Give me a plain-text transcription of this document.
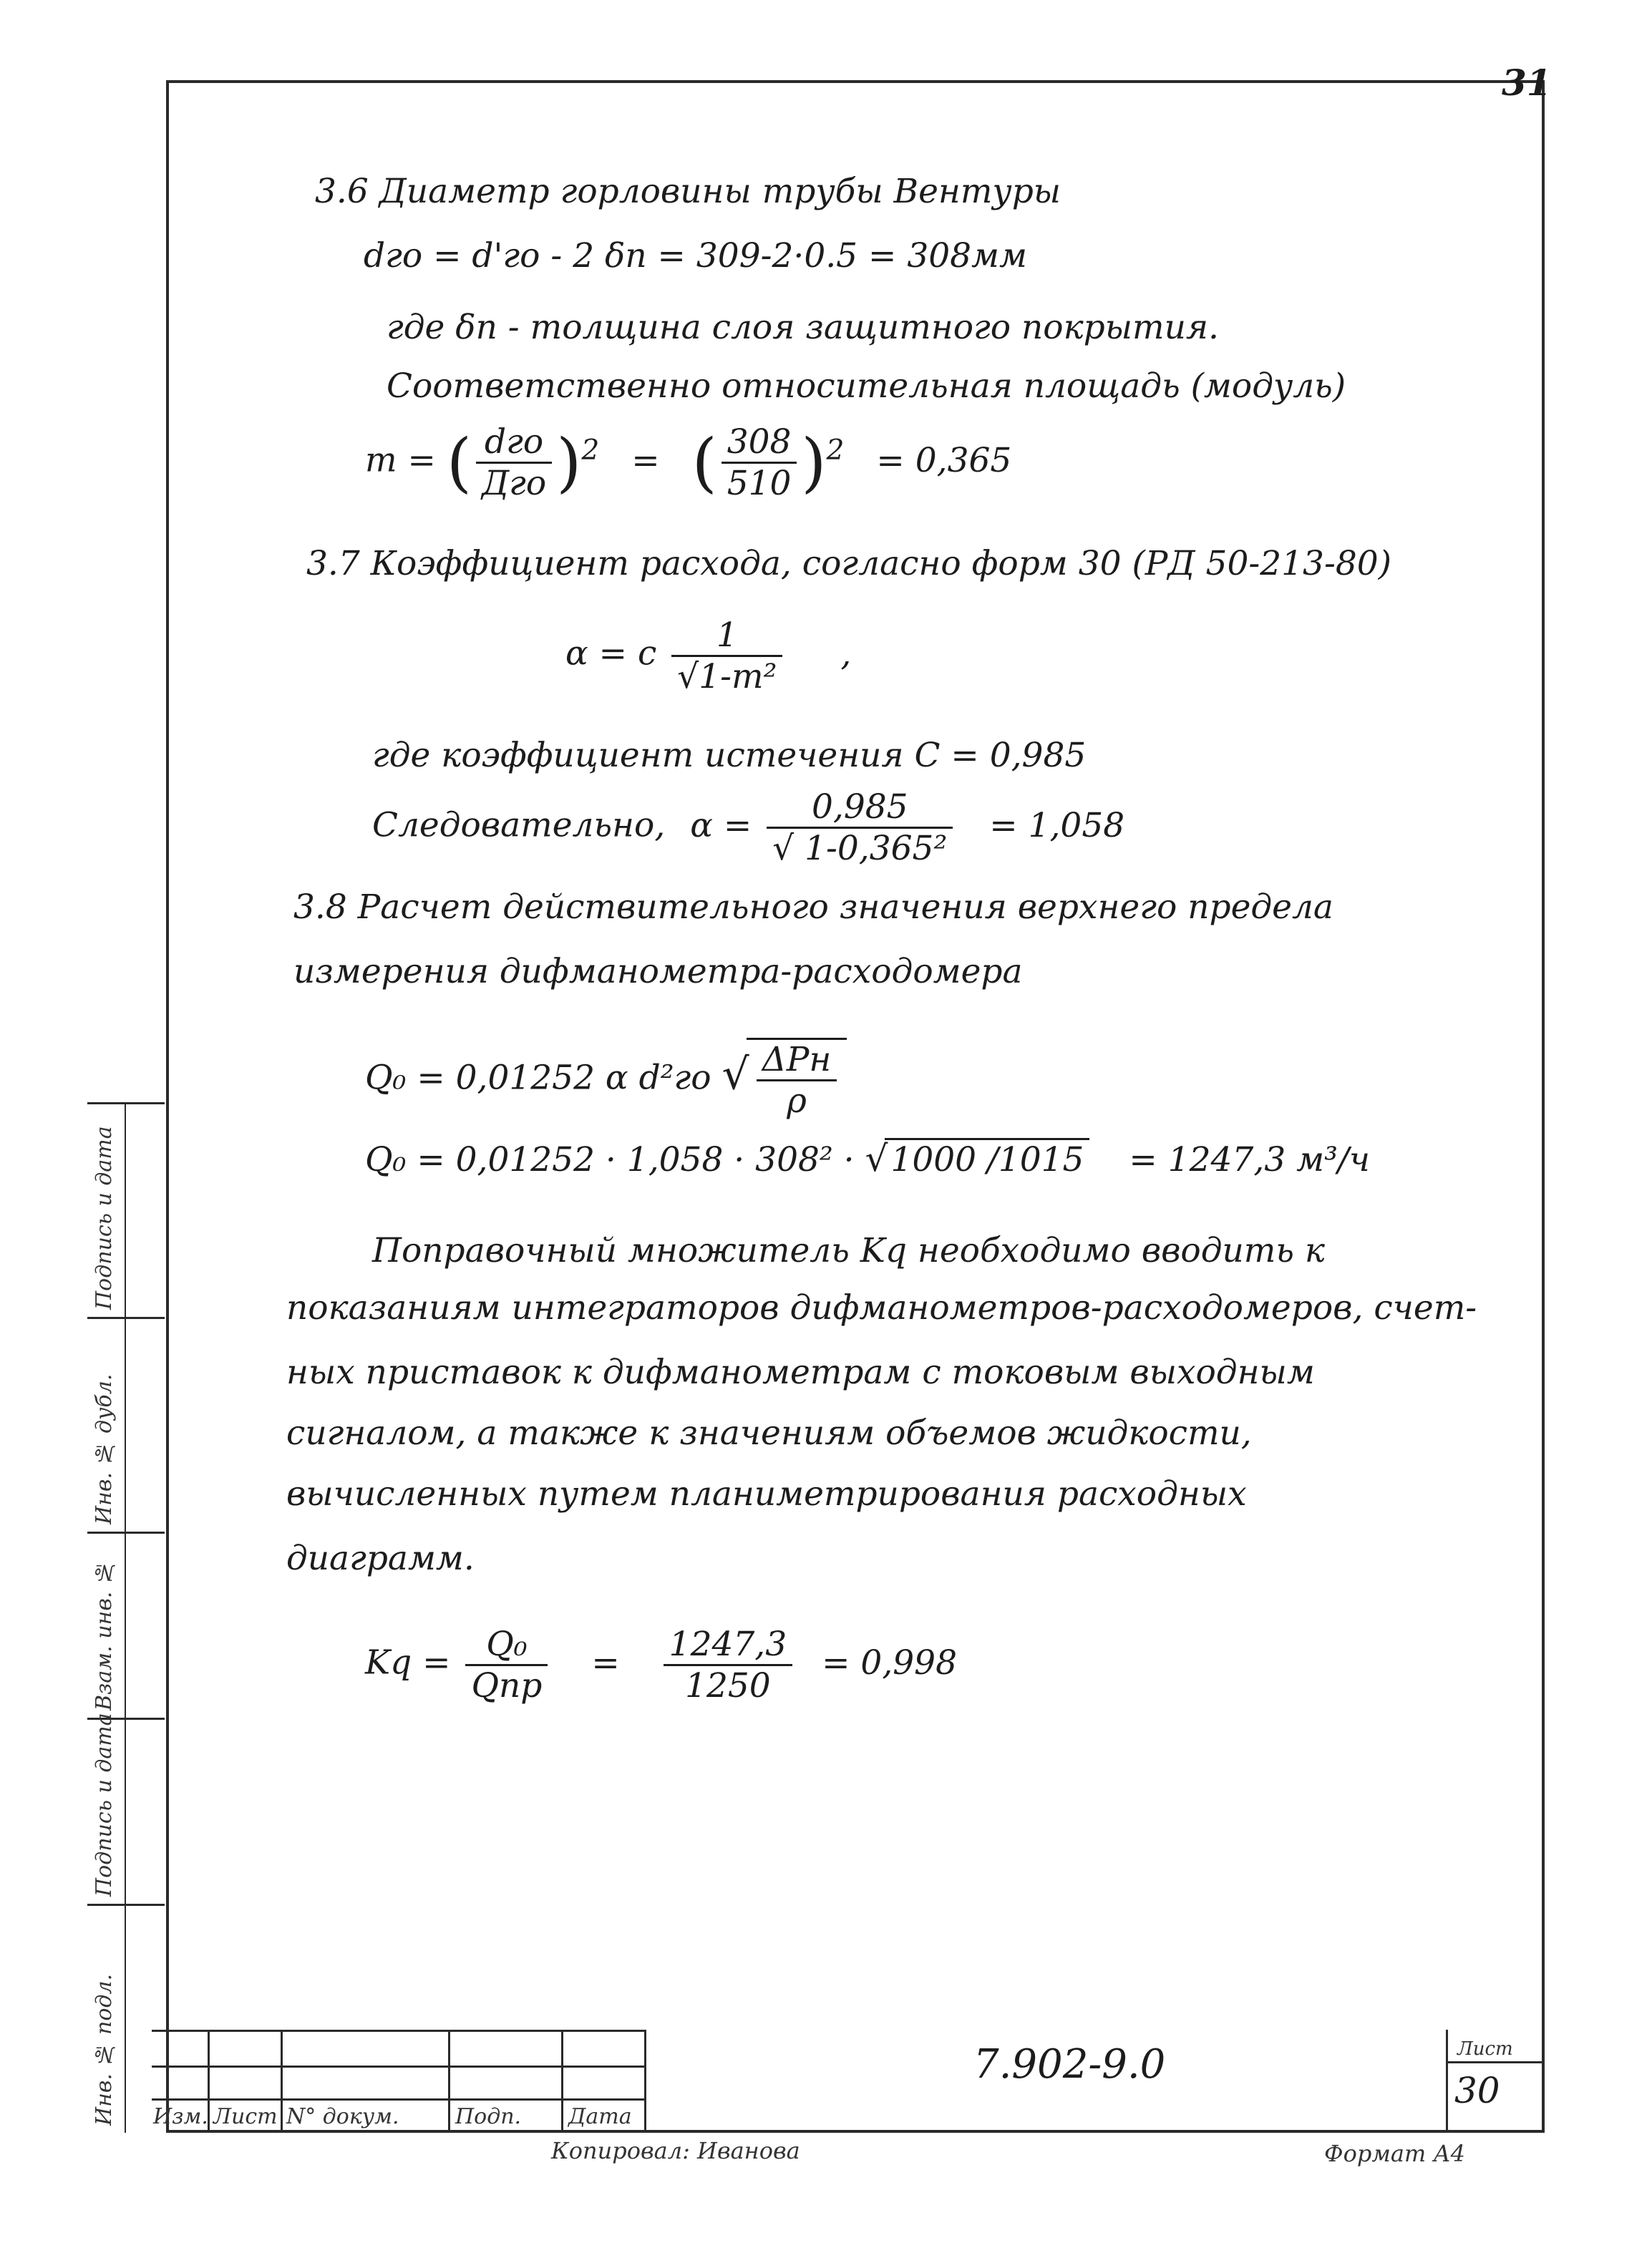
31
3.6 Диаметр горловины трубы Вентуры
dго = d'го - 2 δп = 309-2·0.5 = 308мм
где δп - толщина слоя защитного покрытия.
Соответственно относительная площадь (модуль)
m = ( $\frac{\text{dго}}{\text{Дго}} )^2$ = ( $\frac{308}{510} )^2 = 0,365$
3.7 Коэффициент расхода, согласно форм 30 (РД 50-213-80)
α = с $\frac{1}{\text{√1-m²}}$ ,
где коэффициент истечения С = 0,985
Следовательно, $\alpha = \frac{0,985}{\text{√ 1-0,365²}} = 1,058$
3.8 Расчет действительного значения верхнего предела
измерения дифманометра-расходомера
Q₀ = 0,01252 α d²го √ $\frac{\text{ΔPн}}{\rho}$
Q₀ = 0,01252 · 1,058 · 308² · √1000 /1015 = 1247,3 м³/ч
Поправочный множитель Kq необходимо вводить к
показаниям интеграторов дифманометров-расходомеров, счет-
ных приставок к дифманометрам с токовым выходным
сигналом, а также к значениям объемов жидкости,
вычисленных путем планиметрирования расходных
диаграмм.
$Kq = \frac{\text{Q₀}}{\text{Qпр}} = \frac{1247,3}{1250} = 0,998$
Инв. № подл.
Подпись и дата
Взам. инв. №
Инв. № дубл.
Подпись и дата
Изм. Лист N° докум.	Подп. Дата
7.902-9.0	Лист
30
Копировал: Иванова	Формат А4
